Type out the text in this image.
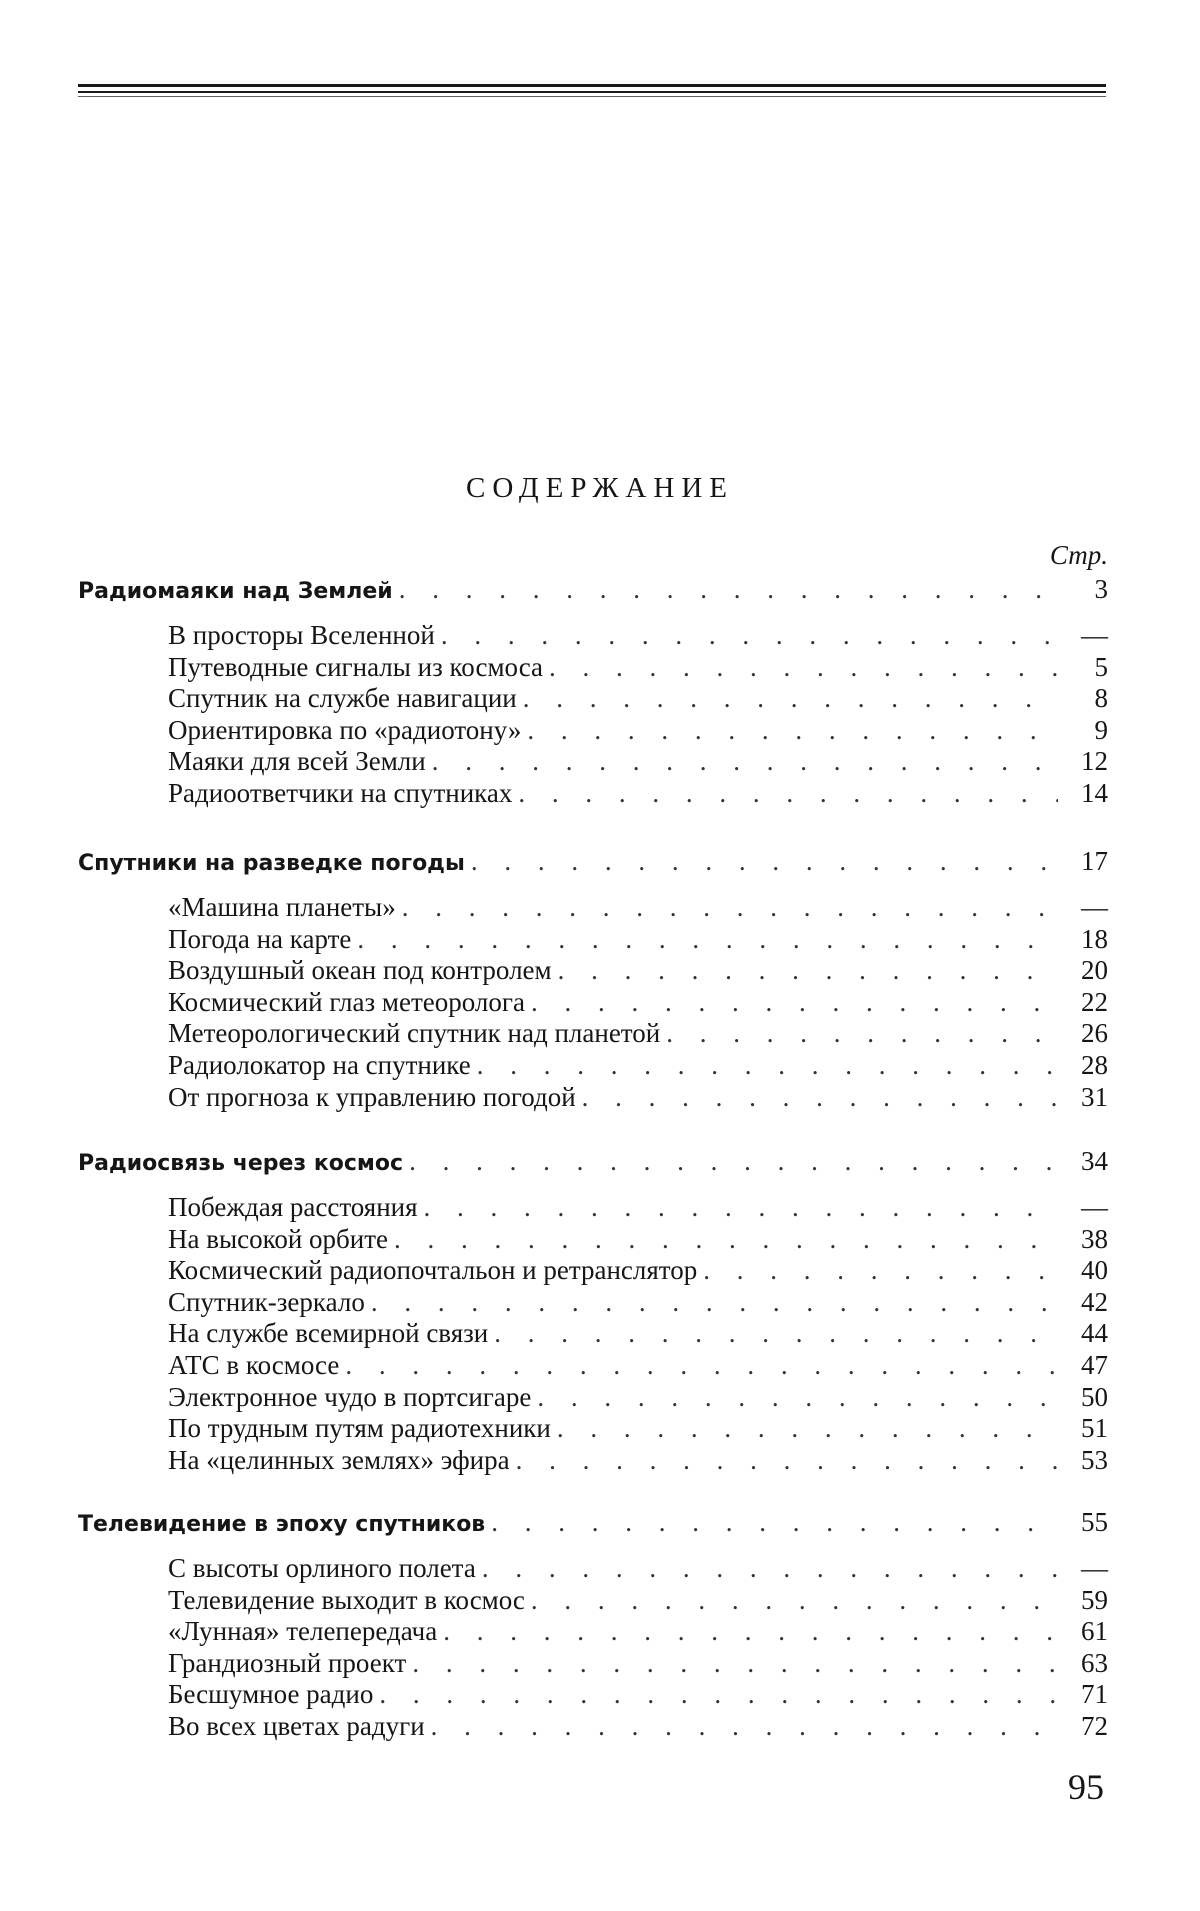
СОДЕРЖАНИЕ
Стр.
Радиомаяки над Землей . . .	3
В просторы Вселенной . . .	—
Путеводные сигналы из космоса . . .	5
Спутник на службе навигации . . .	8
Ориентировка по «радиотону» . . .	9
Маяки для всей Земли . . .	12
Радиоответчики на спутниках . . .	14
Спутники на разведке погоды . . .	17
«Машина планеты» . . .	—
Погода на карте . . .	18
Воздушный океан под контролем . . .	20
Космический глаз метеоролога . . .	22
Метеорологический спутник над планетой . . .	26
Радиолокатор на спутнике . . .	28
От прогноза к управлению погодой . . .	31
Радиосвязь через космос . . .	34
Побеждая расстояния . . .	—
На высокой орбите . . .	38
Космический радиопочтальон и ретранслятор . . .	40
Спутник-зеркало . . .	42
На службе всемирной связи . . .	44
АТС в космосе . . .	47
Электронное чудо в портсигаре . . .	50
По трудным путям радиотехники . . .	51
На «целинных землях» эфира . . .	53
Телевидение в эпоху спутников . . .	55
С высоты орлиного полета . . .	—
Телевидение выходит в космос . . .	59
«Лунная» телепередача . . .	61
Грандиозный проект . . .	63
Бесшумное радио . . .	71
Во всех цветах радуги . . .	72
95
